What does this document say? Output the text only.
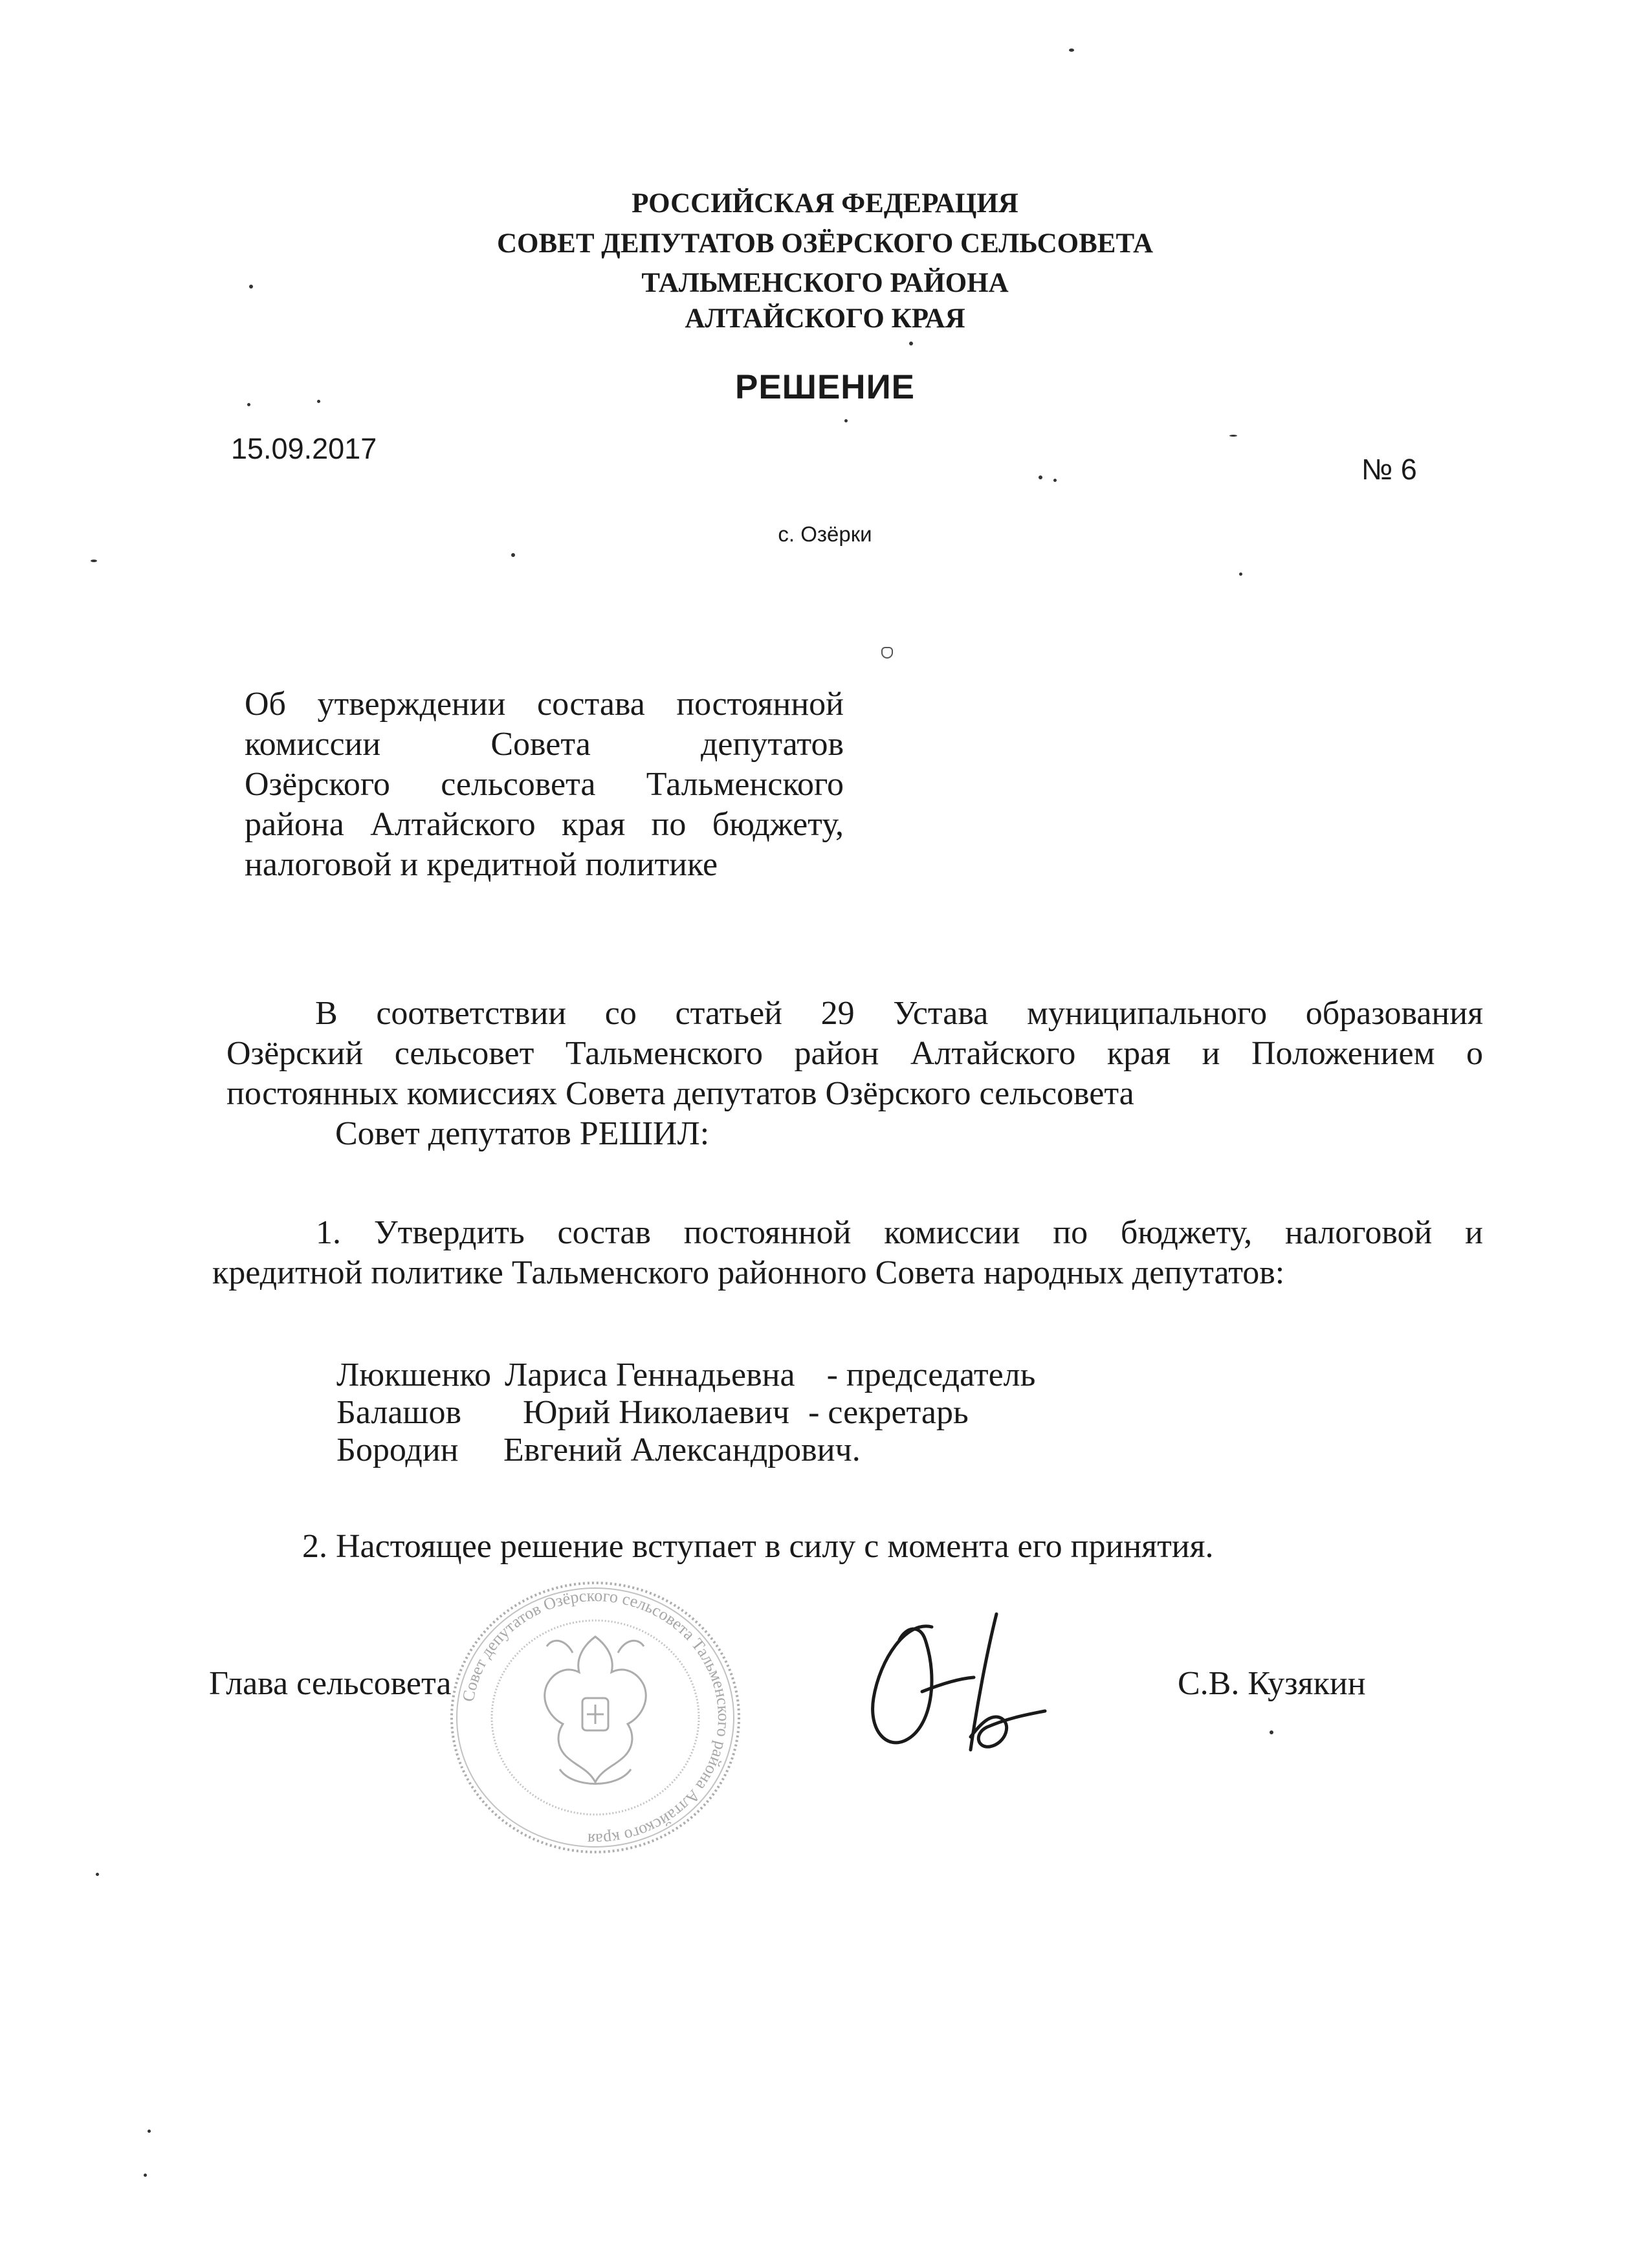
РОССИЙСКАЯ ФЕДЕРАЦИЯ
СОВЕТ ДЕПУТАТОВ ОЗЁРСКОГО СЕЛЬСОВЕТА
ТАЛЬМЕНСКОГО РАЙОНА
АЛТАЙСКОГО КРАЯ
РЕШЕНИЕ
15.09.2017
№ 6
с. Озёрки
Об утверждении состава постоянной
комиссии Совета депутатов
Озёрского сельсовета Тальменского
района Алтайского края по бюджету,
налоговой и кредитной политике
В соответствии со статьей 29 Устава муниципального образования
Озёрский сельсовет Тальменского район Алтайского края и Положением о
постоянных комиссиях Совета депутатов Озёрского сельсовета
Совет депутатов РЕШИЛ:
1. Утвердить состав постоянной комиссии по бюджету, налоговой и
кредитной политике Тальменского районного Совета народных депутатов:
Люкшенко Лариса Геннадьевна - председатель
Балашов Юрий Николаевич - секретарь
Бородин Евгений Александрович.
2. Настоящее решение вступает в силу с момента его принятия.
Совет депутатов Озёрского сельсовета Тальменского района Алтайского края
Глава сельсовета	С.В. Кузякин
